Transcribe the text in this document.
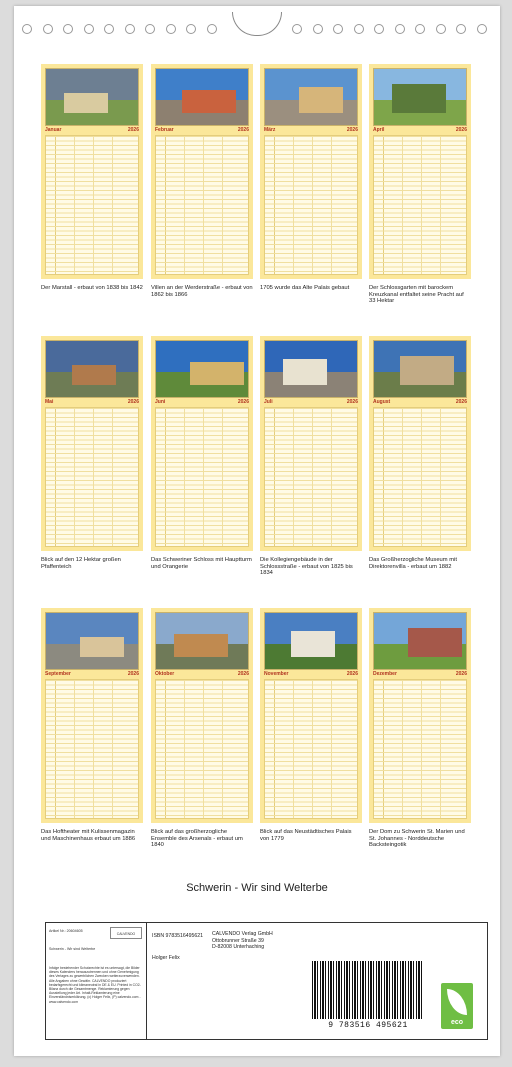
Januar	2026
Der Marstall - erbaut von 1838 bis 1842
Februar	2026
Villen an der Werderstraße - erbaut von 1862 bis 1866
März	2026
1705 wurde das Alte Palais gebaut
April	2026
Der Schlossgarten mit barockem Kreuzkanal entfaltet seine Pracht auf 33 Hektar
Mai	2026
Blick auf den 12 Hektar großen Pfaffenteich
Juni	2026
Das Schweriner Schloss mit Hauptturm und Orangerie
Juli	2026
Die Kollegiengebäude in der Schlossstraße - erbaut von 1825 bis 1834
August	2026
Das Großherzogliche Museum mit Direktorenvilla - erbaut um 1882
September	2026
Das Hoftheater mit Kulissenmagazin und Maschinenhaus erbaut um 1886
Oktober	2026
Blick auf das großherzogliche Ensemble des Arsenals - erbaut um 1840
November	2026
Blick auf das Neustädtisches Palais von 1779
Dezember	2026
Der Dom zu Schwerin St. Marien und St. Johannes - Norddeutsche Backsteingotik
Schwerin - Wir sind Welterbe
Artikel Nr.: 20604605
CALVENDO
Schwerin - Wir sind Welterbe
Infolge bestehender Schutzrechte ist es untersagt, die Bilder dieses Kalenders herauszutrennen und ohne Genehmigung des Verlages zu gewerblichen Zwecken weiterzuverwenden. Alle Angaben ohne Gewähr. CALVENDO produziert bedarfsgerecht und klimaneutral in DE & EU. Printed in CO2-Bilanz durch die Gesamtmenge. Reklamierung gegen Ausstellung jeder Art. Inhalt-Reklamierung eine Einverständniserklärung. (c) Holger Felix, (P) calvendo.com - www.calvendo.com
ISBN 9783516495621
Holger Felix
CALVENDO Verlag GmbH
Ottobrunner Straße 39
D-82008 Unterhaching
9 783516 495621	eco
